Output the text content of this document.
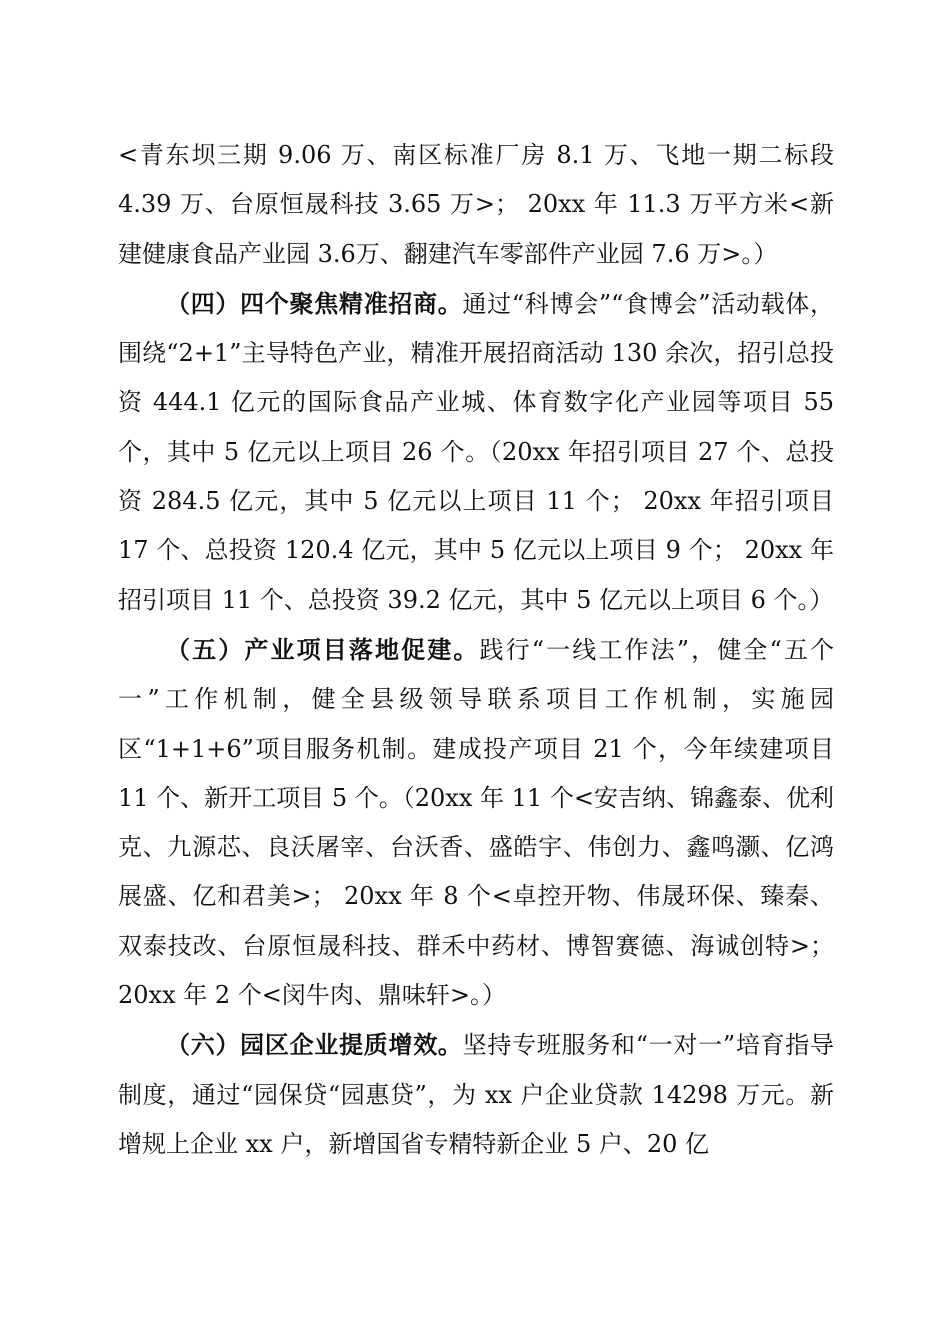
<青东坝三期 9.06 万、南区标准厂房 8.1 万、飞地一期二标段 4.39 万、台原恒晟科技 3.65 万>； 20xx 年 11.3 万平方米<新建健康食品产业园 3.6万、翻建汽车零部件产业园 7.6 万>。）

（四）四个聚焦精准招商。通过“科博会”“食博会”活动载体，围绕“2+1”主导特色产业，精准开展招商活动 130 余次，招引总投资 444.1 亿元的国际食品产业城、体育数字化产业园等项目 55 个，其中 5 亿元以上项目 26 个。（20xx 年招引项目 27 个、总投资 284.5 亿元，其中 5 亿元以上项目 11 个； 20xx 年招引项目 17 个、总投资 120.4 亿元，其中 5 亿元以上项目 9 个； 20xx 年招引项目 11 个、总投资 39.2 亿元，其中 5 亿元以上项目 6 个。）

（五）产业项目落地促建。践行“一线工作法”，健全“五个一”工作机制，健全县级领导联系项目工作机制，实施园区“1+1+6”项目服务机制。建成投产项目 21 个，今年续建项目 11 个、新开工项目 5 个。（20xx 年 11 个<安吉纳、锦鑫泰、优利克、九源芯、良沃屠宰、台沃香、盛皓宇、伟创力、鑫鸣灏、亿鸿展盛、亿和君美>； 20xx 年 8 个<卓控开物、伟晟环保、臻秦、双泰技改、台原恒晟科技、群禾中药材、博智赛德、海诚创特>； 20xx 年 2 个<闵牛肉、鼎味轩>。）

（六）园区企业提质增效。坚持专班服务和“一对一”培育指导制度，通过“园保贷“园惠贷”，为 xx 户企业贷款 14298 万元。新增规上企业 xx 户，新增国省专精特新企业 5 户、20 亿
